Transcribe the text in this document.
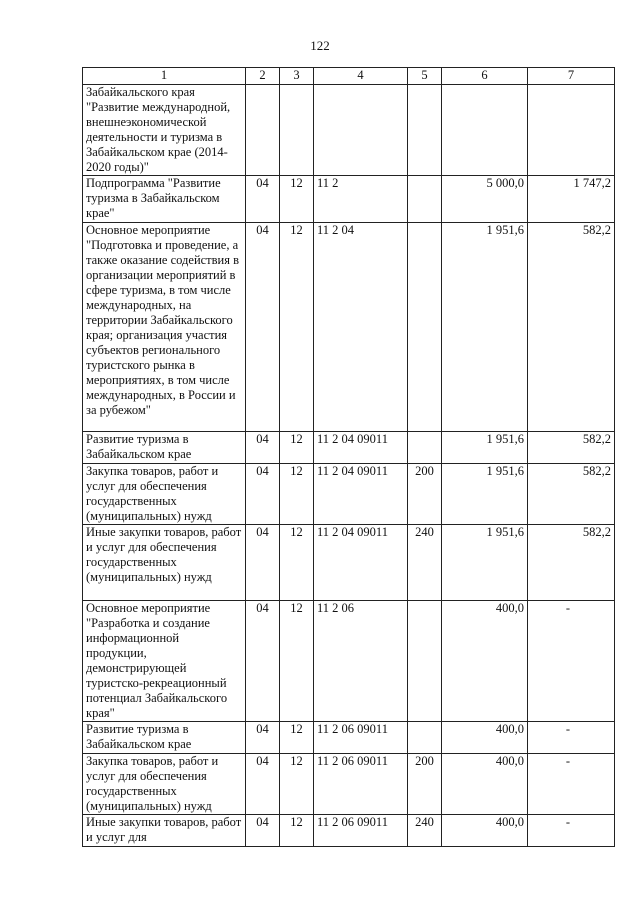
122
1	2	3	4	5	6	7
Забайкальского края "Развитие международной, внешнеэкономической деятельности и туризма в Забайкальском крае (2014-2020 годы)"						
Подпрограмма "Развитие туризма в Забайкальском крае"	04	12	11 2		5 000,0	1 747,2
Основное мероприятие "Подготовка и проведение, а также оказание содействия в организации мероприятий в сфере туризма, в том числе международных, на территории Забайкальского края; организация участия субъектов регионального туристского рынка в мероприятиях, в том числе международных, в России и за рубежом"	04	12	11 2 04		1 951,6	582,2
Развитие туризма в Забайкальском крае	04	12	11 2 04 09011		1 951,6	582,2
Закупка товаров, работ и услуг для обеспечения государственных (муниципальных) нужд	04	12	11 2 04 09011	200	1 951,6	582,2
Иные закупки товаров, работ и услуг для обеспечения государственных (муниципальных) нужд	04	12	11 2 04 09011	240	1 951,6	582,2
Основное мероприятие "Разработка и создание информационной продукции, демонстрирующей туристско-рекреационный потенциал Забайкальского края"	04	12	11 2 06		400,0	-
Развитие туризма в Забайкальском крае	04	12	11 2 06 09011		400,0	-
Закупка товаров, работ и услуг для обеспечения государственных (муниципальных) нужд	04	12	11 2 06 09011	200	400,0	-
Иные закупки товаров, работ и услуг для	04	12	11 2 06 09011	240	400,0	-
